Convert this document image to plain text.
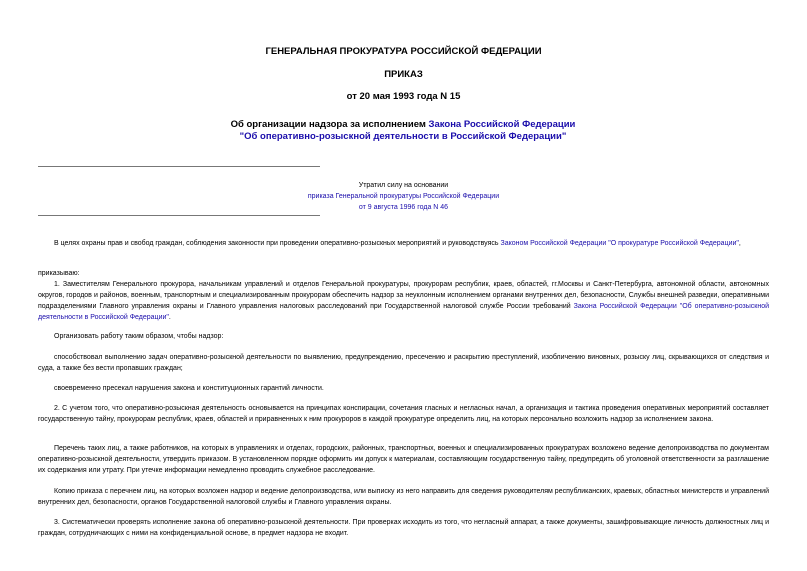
ГЕНЕРАЛЬНАЯ ПРОКУРАТУРА РОССИЙСКОЙ ФЕДЕРАЦИИ
ПРИКАЗ
от 20 мая 1993 года N 15
Об организации надзора за исполнением Закона Российской Федерации "Об оперативно-розыскной деятельности в Российской Федерации"
Утратил силу на основании
приказа Генеральной прокуратуры Российской Федерации
от 9 августа 1996 года N 46
В целях охраны прав и свобод граждан, соблюдения законности при проведении оперативно-розыскных мероприятий и руководствуясь Законом Российской Федерации "О прокуратуре Российской Федерации",
приказываю:
1. Заместителям Генерального прокурора, начальникам управлений и отделов Генеральной прокуратуры, прокурорам республик, краев, областей, гг.Москвы и Санкт-Петербурга, автономной области, автономных округов, городов и районов, военным, транспортным и специализированным прокурорам обеспечить надзор за неуклонным исполнением органами внутренних дел, безопасности, Службы внешней разведки, оперативными подразделениями Главного управления охраны и Главного управления налоговых расследований при Государственной налоговой службе России требований Закона Российской Федерации "Об оперативно-розыскной деятельности в Российской Федерации".
Организовать работу таким образом, чтобы надзор:
способствовал выполнению задач оперативно-розыскной деятельности по выявлению, предупреждению, пресечению и раскрытию преступлений, изобличению виновных, розыску лиц, скрывающихся от следствия и суда, а также без вести пропавших граждан;
своевременно пресекал нарушения закона и конституционных гарантий личности.
2. С учетом того, что оперативно-розыскная деятельность основывается на принципах конспирации, сочетания гласных и негласных начал, а организация и тактика проведения оперативных мероприятий составляет государственную тайну, прокурорам республик, краев, областей и приравненных к ним прокуроров в каждой прокуратуре определить лиц, на которых персонально возложить надзор за исполнением закона.
Перечень таких лиц, а также работников, на которых в управлениях и отделах, городских, районных, транспортных, военных и специализированных прокуратурах возложено ведение делопроизводства по документам оперативно-розыскной деятельности, утвердить приказом. В установленном порядке оформить им допуск к материалам, составляющим государственную тайну, предупредить об уголовной ответственности за разглашение их содержания или утрату. При утечке информации немедленно проводить служебное расследование.
Копию приказа с перечнем лиц, на которых возложен надзор и ведение делопроизводства, или выписку из него направить для сведения руководителям республиканских, краевых, областных министерств и управлений внутренних дел, безопасности, органов Государственной налоговой службы и Главного управления охраны.
3. Систематически проверять исполнение закона об оперативно-розыскной деятельности. При проверках исходить из того, что негласный аппарат, а также документы, зашифровывающие личность должностных лиц и граждан, сотрудничающих с ними на конфиденциальной основе, в предмет надзора не входит.
